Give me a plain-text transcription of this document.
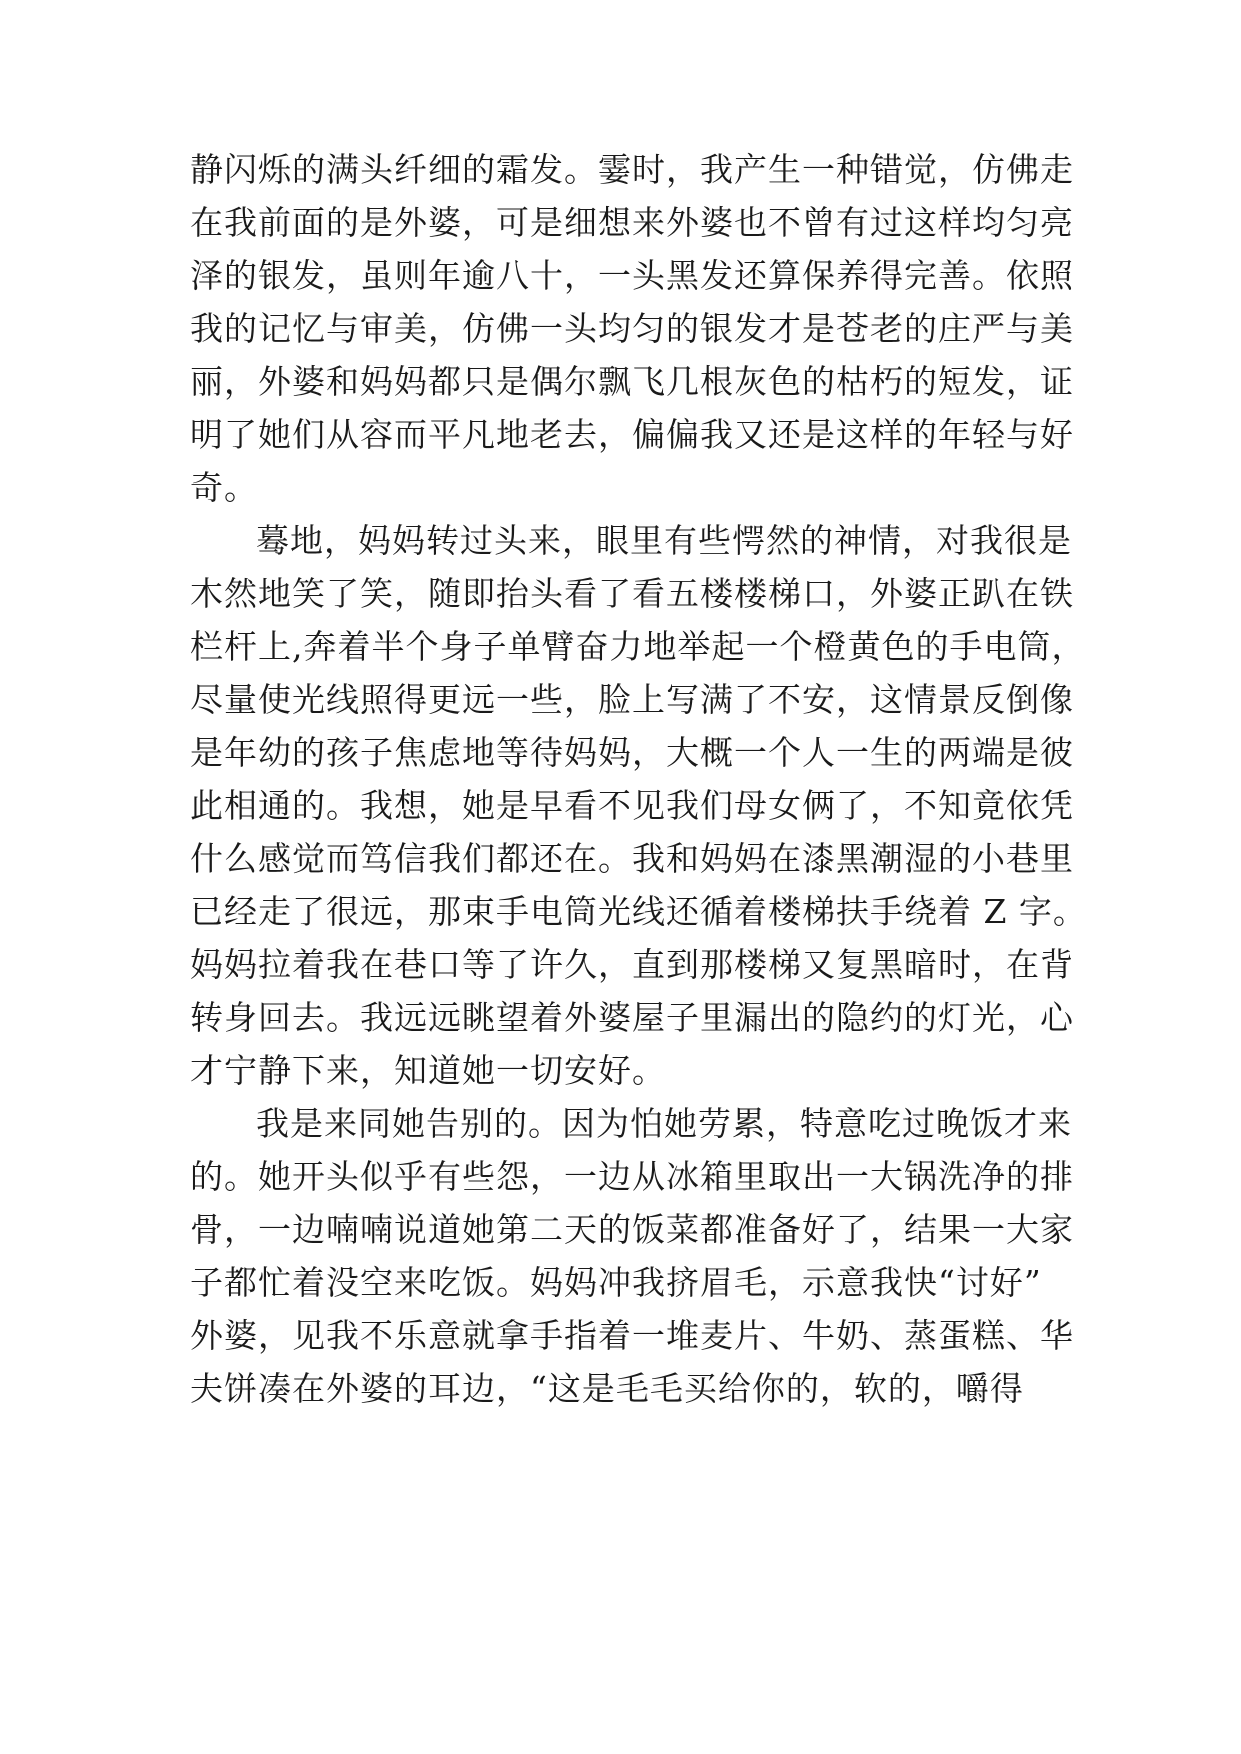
静闪烁的满头纤细的霜发。霎时，我产生一种错觉，仿佛走
在我前面的是外婆，可是细想来外婆也不曾有过这样均匀亮
泽的银发，虽则年逾八十，一头黑发还算保养得完善。依照
我的记忆与审美，仿佛一头均匀的银发才是苍老的庄严与美
丽，外婆和妈妈都只是偶尔飘飞几根灰色的枯朽的短发，证
明了她们从容而平凡地老去，偏偏我又还是这样的年轻与好
奇。
蓦地，妈妈转过头来，眼里有些愕然的神情，对我很是
木然地笑了笑，随即抬头看了看五楼楼梯口，外婆正趴在铁
栏杆上,奔着半个身子单臂奋力地举起一个橙黄色的手电筒，
尽量使光线照得更远一些，脸上写满了不安，这情景反倒像
是年幼的孩子焦虑地等待妈妈，大概一个人一生的两端是彼
此相通的。我想，她是早看不见我们母女俩了，不知竟依凭
什么感觉而笃信我们都还在。我和妈妈在漆黑潮湿的小巷里
已经走了很远，那束手电筒光线还循着楼梯扶手绕着 Z 字。
妈妈拉着我在巷口等了许久，直到那楼梯又复黑暗时，在背
转身回去。我远远眺望着外婆屋子里漏出的隐约的灯光，心
才宁静下来，知道她一切安好。
我是来同她告别的。因为怕她劳累，特意吃过晚饭才来
的。她开头似乎有些怨，一边从冰箱里取出一大锅洗净的排
骨，一边喃喃说道她第二天的饭菜都准备好了，结果一大家
子都忙着没空来吃饭。妈妈冲我挤眉毛，示意我快“讨好”
外婆，见我不乐意就拿手指着一堆麦片、牛奶、蒸蛋糕、华
夫饼凑在外婆的耳边，“这是毛毛买给你的，软的，嚼得
